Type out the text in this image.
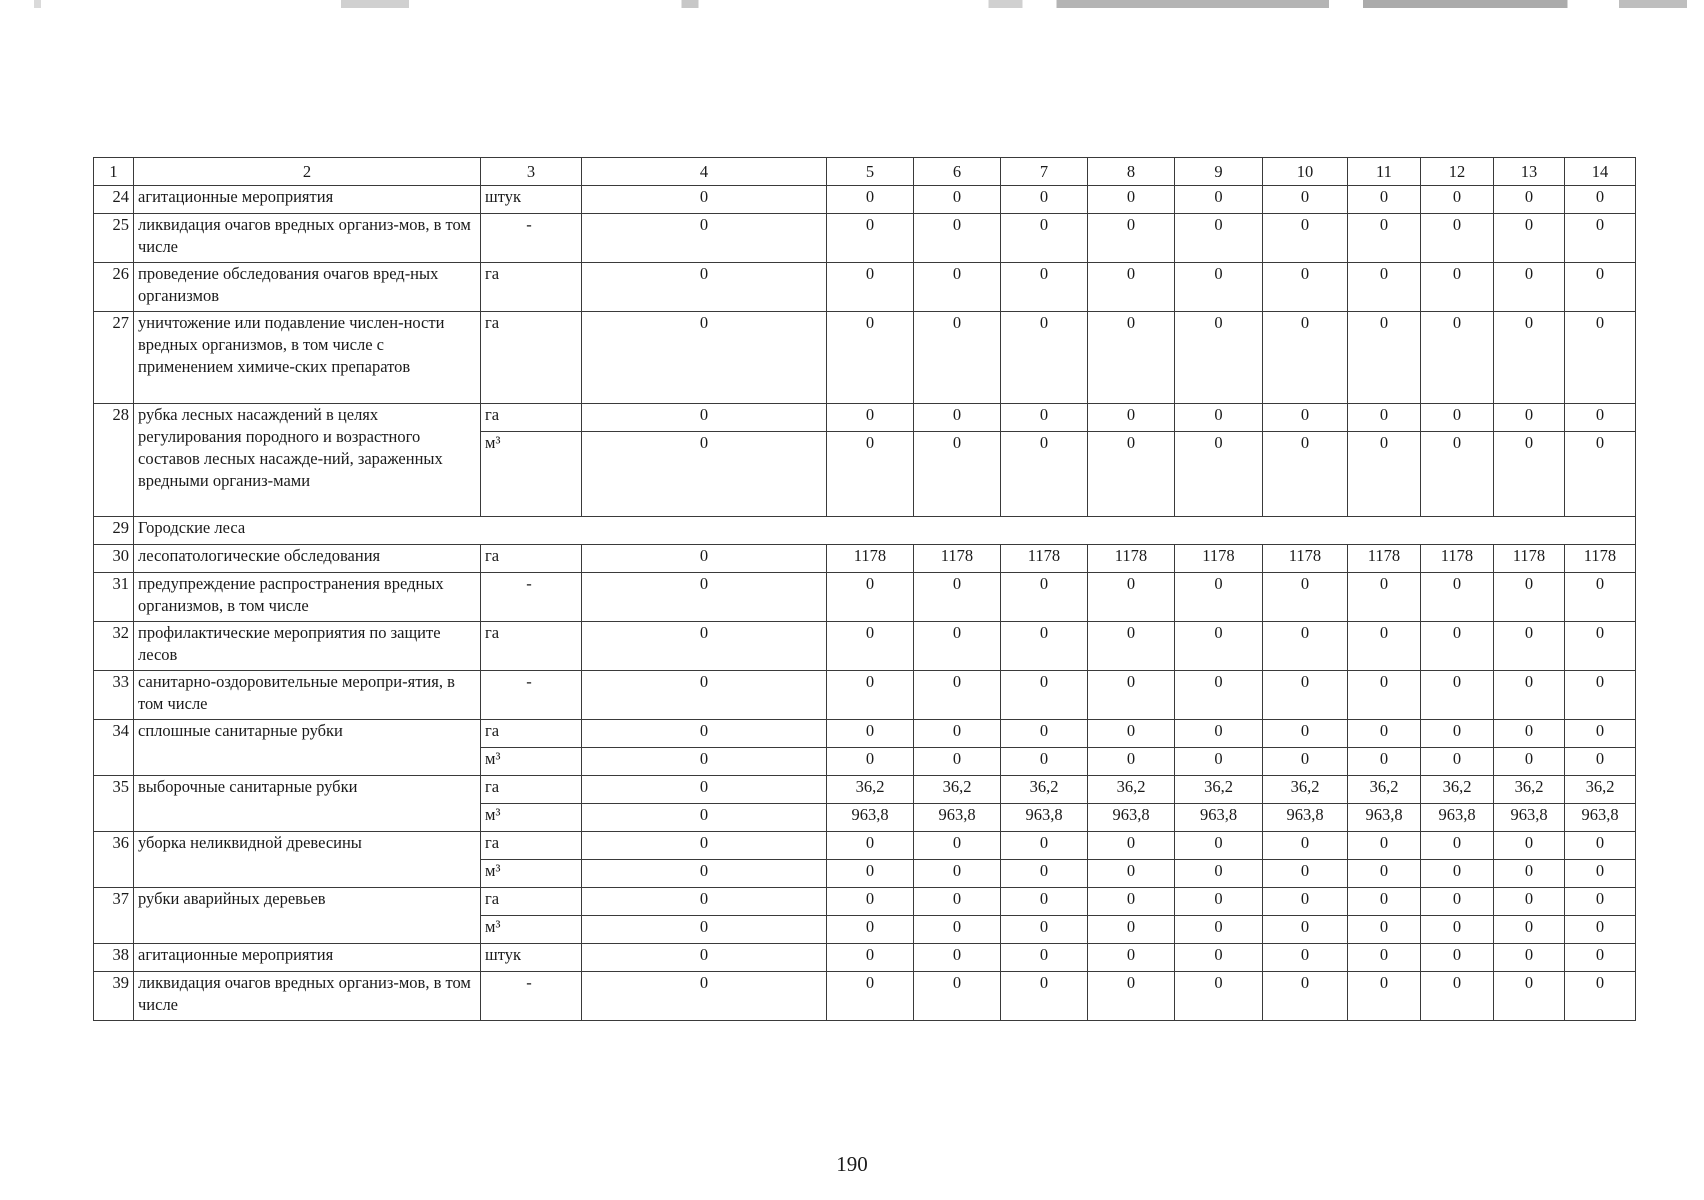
1	2	3	4	5	6	7	8	9	10	11	12	13	14
24	агитационные мероприятия	штук	0	0	0	0	0	0	0	0	0	0	0
25	ликвидация очагов вредных организ-мов, в том числе	-	0	0	0	0	0	0	0	0	0	0	0
26	проведение обследования очагов вред-ных организмов	га	0	0	0	0	0	0	0	0	0	0	0
27	уничтожение или подавление числен-ности вредных организмов, в том числе с применением химиче-ских препаратов	га	0	0	0	0	0	0	0	0	0	0	0
28	рубка лесных насаждений в целях регулирования породного и возрастного составов лесных насажде-ний, зараженных вредными организ-мами	га	0	0	0	0	0	0	0	0	0	0	0
		м³	0	0	0	0	0	0	0	0	0	0	0
29	Городские леса												
30	лесопатологические обследования	га	0	1178	1178	1178	1178	1178	1178	1178	1178	1178	1178
31	предупреждение распространения вредных организмов, в том числе	-	0	0	0	0	0	0	0	0	0	0	0
32	профилактические мероприятия по защите лесов	га	0	0	0	0	0	0	0	0	0	0	0
33	санитарно-оздоровительные меропри-ятия, в том числе	-	0	0	0	0	0	0	0	0	0	0	0
34	сплошные санитарные рубки	га	0	0	0	0	0	0	0	0	0	0	0
		м³	0	0	0	0	0	0	0	0	0	0	0
35	выборочные санитарные рубки	га	0	36,2	36,2	36,2	36,2	36,2	36,2	36,2	36,2	36,2	36,2
		м³	0	963,8	963,8	963,8	963,8	963,8	963,8	963,8	963,8	963,8	963,8
36	уборка неликвидной древесины	га	0	0	0	0	0	0	0	0	0	0	0
		м³	0	0	0	0	0	0	0	0	0	0	0
37	рубки аварийных деревьев	га	0	0	0	0	0	0	0	0	0	0	0
		м³	0	0	0	0	0	0	0	0	0	0	0
38	агитационные мероприятия	штук	0	0	0	0	0	0	0	0	0	0	0
39	ликвидация очагов вредных организ-мов, в том числе	-	0	0	0	0	0	0	0	0	0	0	0
190
